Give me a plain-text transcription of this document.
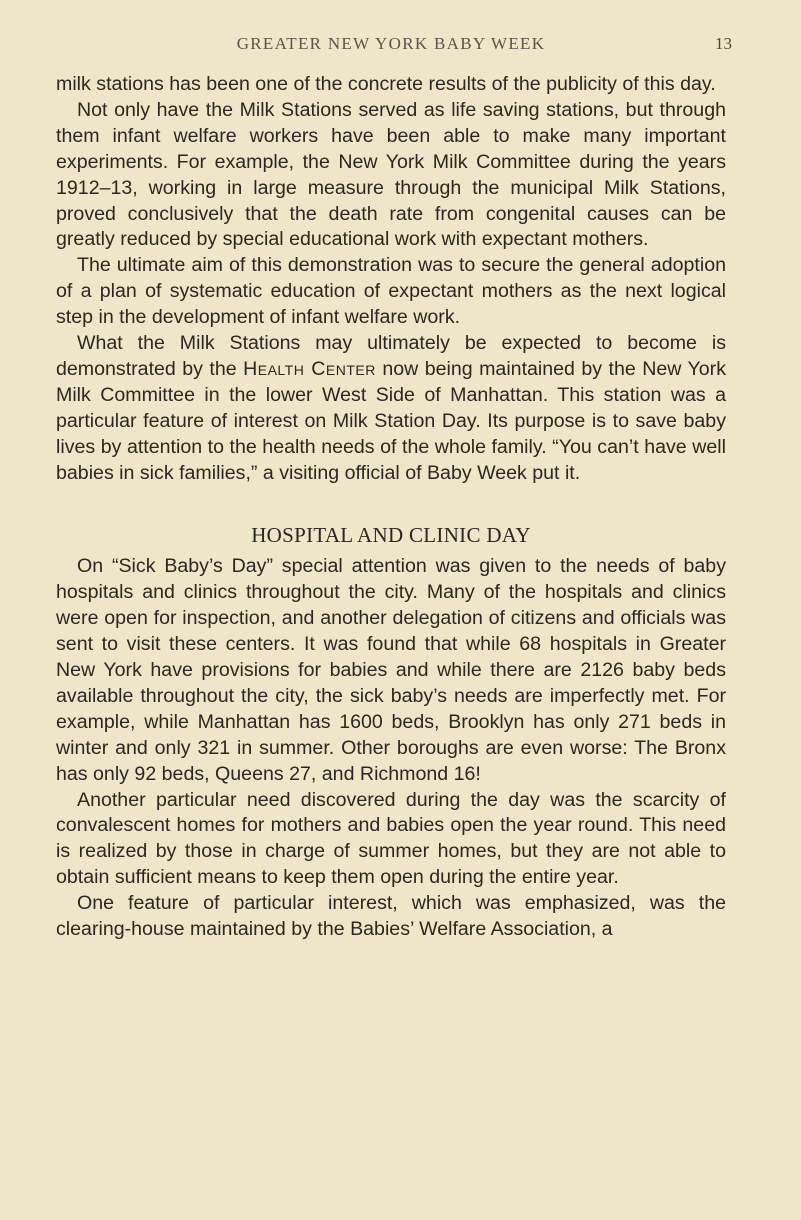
GREATER NEW YORK BABY WEEK	13

milk stations has been one of the concrete results of the publicity of this day.

Not only have the Milk Stations served as life saving stations, but through them infant welfare workers have been able to make many important experiments. For example, the New York Milk Committee during the years 1912–13, working in large measure through the municipal Milk Stations, proved conclusively that the death rate from congenital causes can be greatly reduced by special educational work with expectant mothers.

The ultimate aim of this demonstration was to secure the general adoption of a plan of systematic education of expectant mothers as the next logical step in the development of infant welfare work.

What the Milk Stations may ultimately be expected to become is demonstrated by the Health Center now being maintained by the New York Milk Committee in the lower West Side of Manhattan. This station was a particular feature of interest on Milk Station Day. Its purpose is to save baby lives by attention to the health needs of the whole family. “You can’t have well babies in sick families,” a visiting official of Baby Week put it.

HOSPITAL AND CLINIC DAY

On “Sick Baby’s Day” special attention was given to the needs of baby hospitals and clinics throughout the city. Many of the hospitals and clinics were open for inspection, and another delegation of citizens and officials was sent to visit these centers. It was found that while 68 hospitals in Greater New York have provisions for babies and while there are 2126 baby beds available throughout the city, the sick baby’s needs are imperfectly met. For example, while Manhattan has 1600 beds, Brooklyn has only 271 beds in winter and only 321 in summer. Other boroughs are even worse: The Bronx has only 92 beds, Queens 27, and Richmond 16!

Another particular need discovered during the day was the scarcity of convalescent homes for mothers and babies open the year round. This need is realized by those in charge of summer homes, but they are not able to obtain sufficient means to keep them open during the entire year.

One feature of particular interest, which was emphasized, was the clearing-house maintained by the Babies’ Welfare Association, a
